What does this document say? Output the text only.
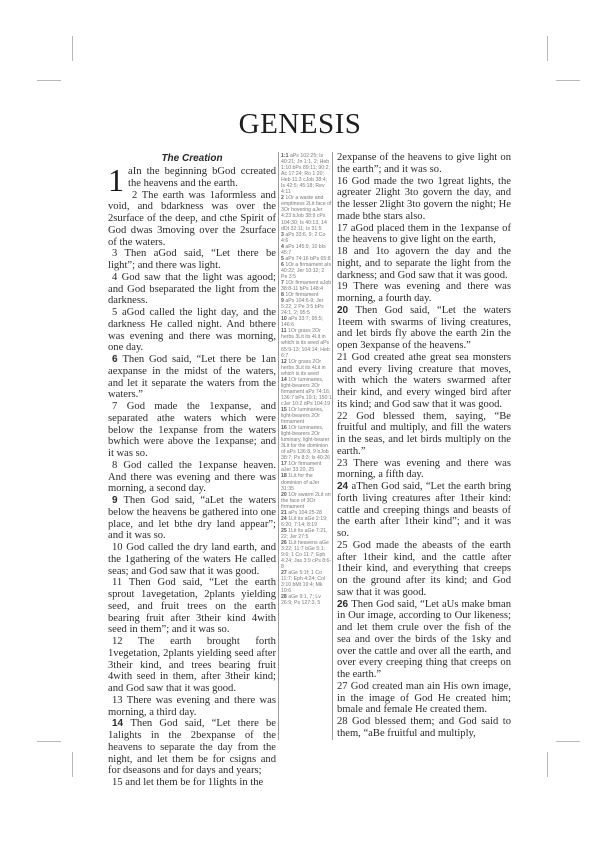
GENESIS

The Creation

1 aIn the beginning bGod ccreated the heavens and the earth.

2 The earth was 1aformless and void, and bdarkness was over the 2surface of the deep, and cthe Spirit of God dwas 3moving over the 2surface of the waters.

3 Then aGod said, “Let there be light”; and there was light.

4 God saw that the light was agood; and God bseparated the light from the darkness.

5 aGod called the light day, and the darkness He called night. And bthere was evening and there was morning, one day.

6 Then God said, “Let there be 1an aexpanse in the midst of the waters, and let it separate the waters from the waters.”

7 God made the 1expanse, and separated athe waters which were below the 1expanse from the waters bwhich were above the 1expanse; and it was so.

8 God called the 1expanse heaven. And there was evening and there was morning, a second day.

9 Then God said, “aLet the waters below the heavens be gathered into one place, and let bthe dry land appear”; and it was so.

10 God called the dry land earth, and the 1gathering of the waters He called seas; and God saw that it was good.

11 Then God said, “Let the earth sprout 1avegetation, 2plants yielding seed, and fruit trees on the earth bearing fruit after 3their kind 4with seed in them”; and it was so.

12 The earth brought forth 1vegetation, 2plants yielding seed after 3their kind, and trees bearing fruit 4with seed in them, after 3their kind; and God saw that it was good.

13 There was evening and there was morning, a third day.

14 Then God said, “Let there be 1alights in the 2bexpanse of the heavens to separate the day from the night, and let them be for csigns and for dseasons and for days and years;

15 and let them be for 1lights in the

1:1 aPs 102:25; Is 40:21; Jn 1:1, 2; Heb 1:10 bPs 89:11; 90:2; Ac 17:24; Ro 1:20; Heb 11:3 cJob 38:4; Is 42:5; 45:18; Rev 4:11
2 1Or a waste and emptiness 2Lit face of 3Or hovering aJer 4:23 bJob 38:9 cPs 104:30; Is 40:13, 14 dDt 32:11; Is 31:5
3 aPs 33:6, 9; 2 Co 4:6
4 aPs 145:9, 10 bIs 45:7
5 aPs 74:16 bPs 65:8
6 1Or a firmament aIs 40:22; Jer 10:12; 2 Pe 3:5
7 1Or firmament aJob 38:8-11 bPs 148:4
8 1Or firmament
9 aPs 104:6-9; Jer 5:22; 2 Pe 3:5 bPs 24:1, 2; 95:5
10 aPs 33:7; 95:5; 146:6
11 1Or grass 2Or herbs 3Lit its 4Lit in which is its seed aPs 65:9-13; 104:14; Heb 6:7
12 1Or grass 2Or herbs 3Lit its 4Lit in which is its seed
14 1Or luminaries, light-bearers 2Or firmament aPs 74:16; 136:7 bPs 19:1; 150:1 cJer 10:2 dPs 104:19
15 1Or luminaries, light-bearers 2Or firmament
16 1Or luminaries, light-bearers 2Or luminary, light-bearer 3Lit for the dominion of aPs 136:8, 9 bJob 38:7; Ps 8:3; Is 40:26
17 1Or firmament aJer 33:20, 25
18 1Lit for the dominion of aJer 31:35
20 1Or swarm 2Lit on the face of 3Or firmament
21 aPs 104:25-28
24 1Lit its aGe 2:19; 6:20; 7:14; 8:19
25 1Lit its aGe 7:21, 22; Jer 27:5
26 1Lit heavens aGe 3:22; 11:7 bGe 5:1; 9:6; 1 Co 11:7; Eph 4:24; Jas 3:9 cPs 8:6-8
27 aGe 5:1f; 1 Co 11:7; Eph 4:24; Col 3:10 bMt 19:4; Mk 10:6
28 aGe 9:1, 7; Lv 26:9; Ps 127:3, 5

2expanse of the heavens to give light on the earth”; and it was so.

16 God made the two 1great lights, the agreater 2light 3to govern the day, and the lesser 2light 3to govern the night; He made bthe stars also.

17 aGod placed them in the 1expanse of the heavens to give light on the earth,

18 and 1to agovern the day and the night, and to separate the light from the darkness; and God saw that it was good.

19 There was evening and there was morning, a fourth day.

20 Then God said, “Let the waters 1teem with swarms of living creatures, and let birds fly above the earth 2in the open 3expanse of the heavens.”

21 God created athe great sea monsters and every living creature that moves, with which the waters swarmed after their kind, and every winged bird after its kind; and God saw that it was good.

22 God blessed them, saying, “Be fruitful and multiply, and fill the waters in the seas, and let birds multiply on the earth.”

23 There was evening and there was morning, a fifth day.

24 aThen God said, “Let the earth bring forth living creatures after 1their kind: cattle and creeping things and beasts of the earth after 1their kind”; and it was so.

25 God made the abeasts of the earth after 1their kind, and the cattle after 1their kind, and everything that creeps on the ground after its kind; and God saw that it was good.

26 Then God said, “Let aUs make bman in Our image, according to Our likeness; and let them crule over the fish of the sea and over the birds of the 1sky and over the cattle and over all the earth, and over every creeping thing that creeps on the earth.”

27 God created man ain His own image, in the image of God He created him; bmale and female He created them.

28 God blessed them; and God said to them, “aBe fruitful and multiply,
